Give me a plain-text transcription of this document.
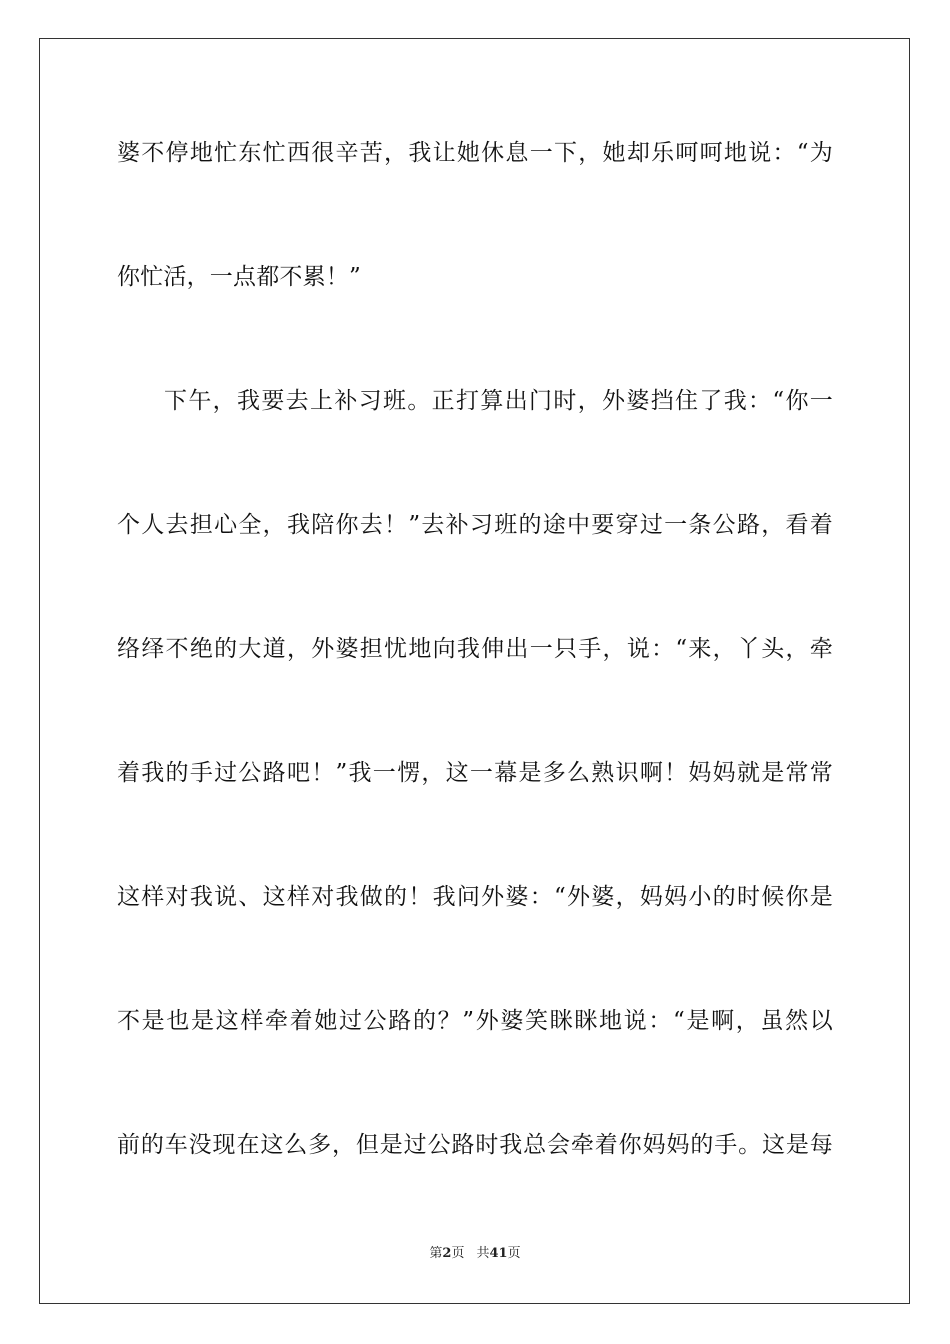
婆不停地忙东忙西很辛苦，我让她休息一下，她却乐呵呵地说：“为
你忙活，一点都不累！”
下午，我要去上补习班。正打算出门时，外婆挡住了我：“你一
个人去担心全，我陪你去！”去补习班的途中要穿过一条公路，看着
络绎不绝的大道，外婆担忧地向我伸出一只手，说：“来，丫头，牵
着我的手过公路吧！”我一愣，这一幕是多么熟识啊！妈妈就是常常
这样对我说、这样对我做的！我问外婆：“外婆，妈妈小的时候你是
不是也是这样牵着她过公路的？”外婆笑眯眯地说：“是啊，虽然以
前的车没现在这么多，但是过公路时我总会牵着你妈妈的手。这是每
第2页 共41页
